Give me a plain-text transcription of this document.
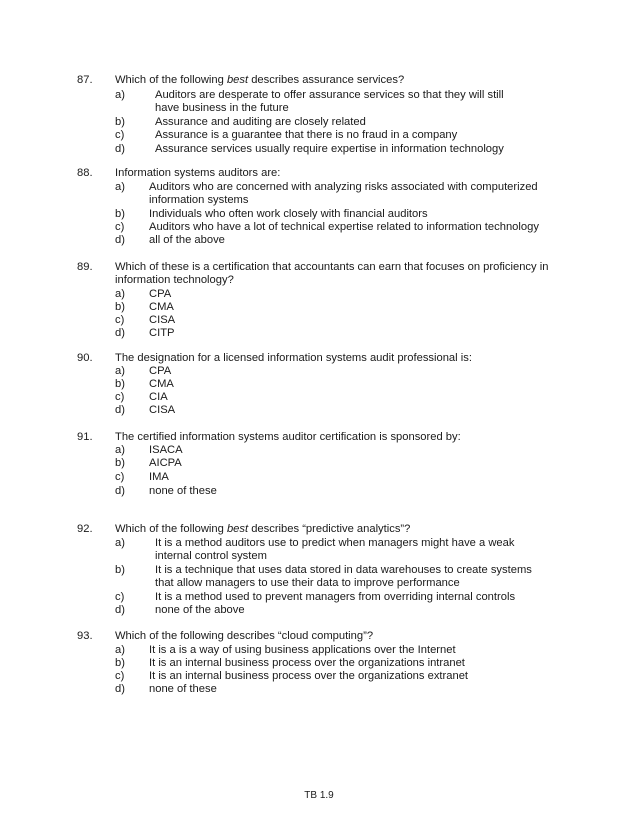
87. Which of the following best describes assurance services?
a)	Auditors are desperate to offer assurance services so that they will still
have business in the future
b)	Assurance and auditing are closely related
c)	Assurance is a guarantee that there is no fraud in a company
d)	Assurance services usually require expertise in information technology
88. Information systems auditors are:
a) Auditors who are concerned with analyzing risks associated with computerized
information systems
b) Individuals who often work closely with financial auditors
c) Auditors who have a lot of technical expertise related to information technology
d) all of the above
89. Which of these is a certification that accountants can earn that focuses on proficiency in
information technology?
a) CPA
b) CMA
c) CISA
d) CITP
90. The designation for a licensed information systems audit professional is:
a) CPA
b) CMA
c) CIA
d) CISA
91. The certified information systems auditor certification is sponsored by:
a) ISACA
b) AICPA
c) IMA
d) none of these
92. Which of the following best describes “predictive analytics”?
a)	It is a method auditors use to predict when managers might have a weak
internal control system
b)	It is a technique that uses data stored in data warehouses to create systems
that allow managers to use their data to improve performance
c)	It is a method used to prevent managers from overriding internal controls
d)	none of the above
93. Which of the following describes “cloud computing”?
a) It is a is a way of using business applications over the Internet
b) It is an internal business process over the organizations intranet
c) It is an internal business process over the organizations extranet
d) none of these
TB 1.9
